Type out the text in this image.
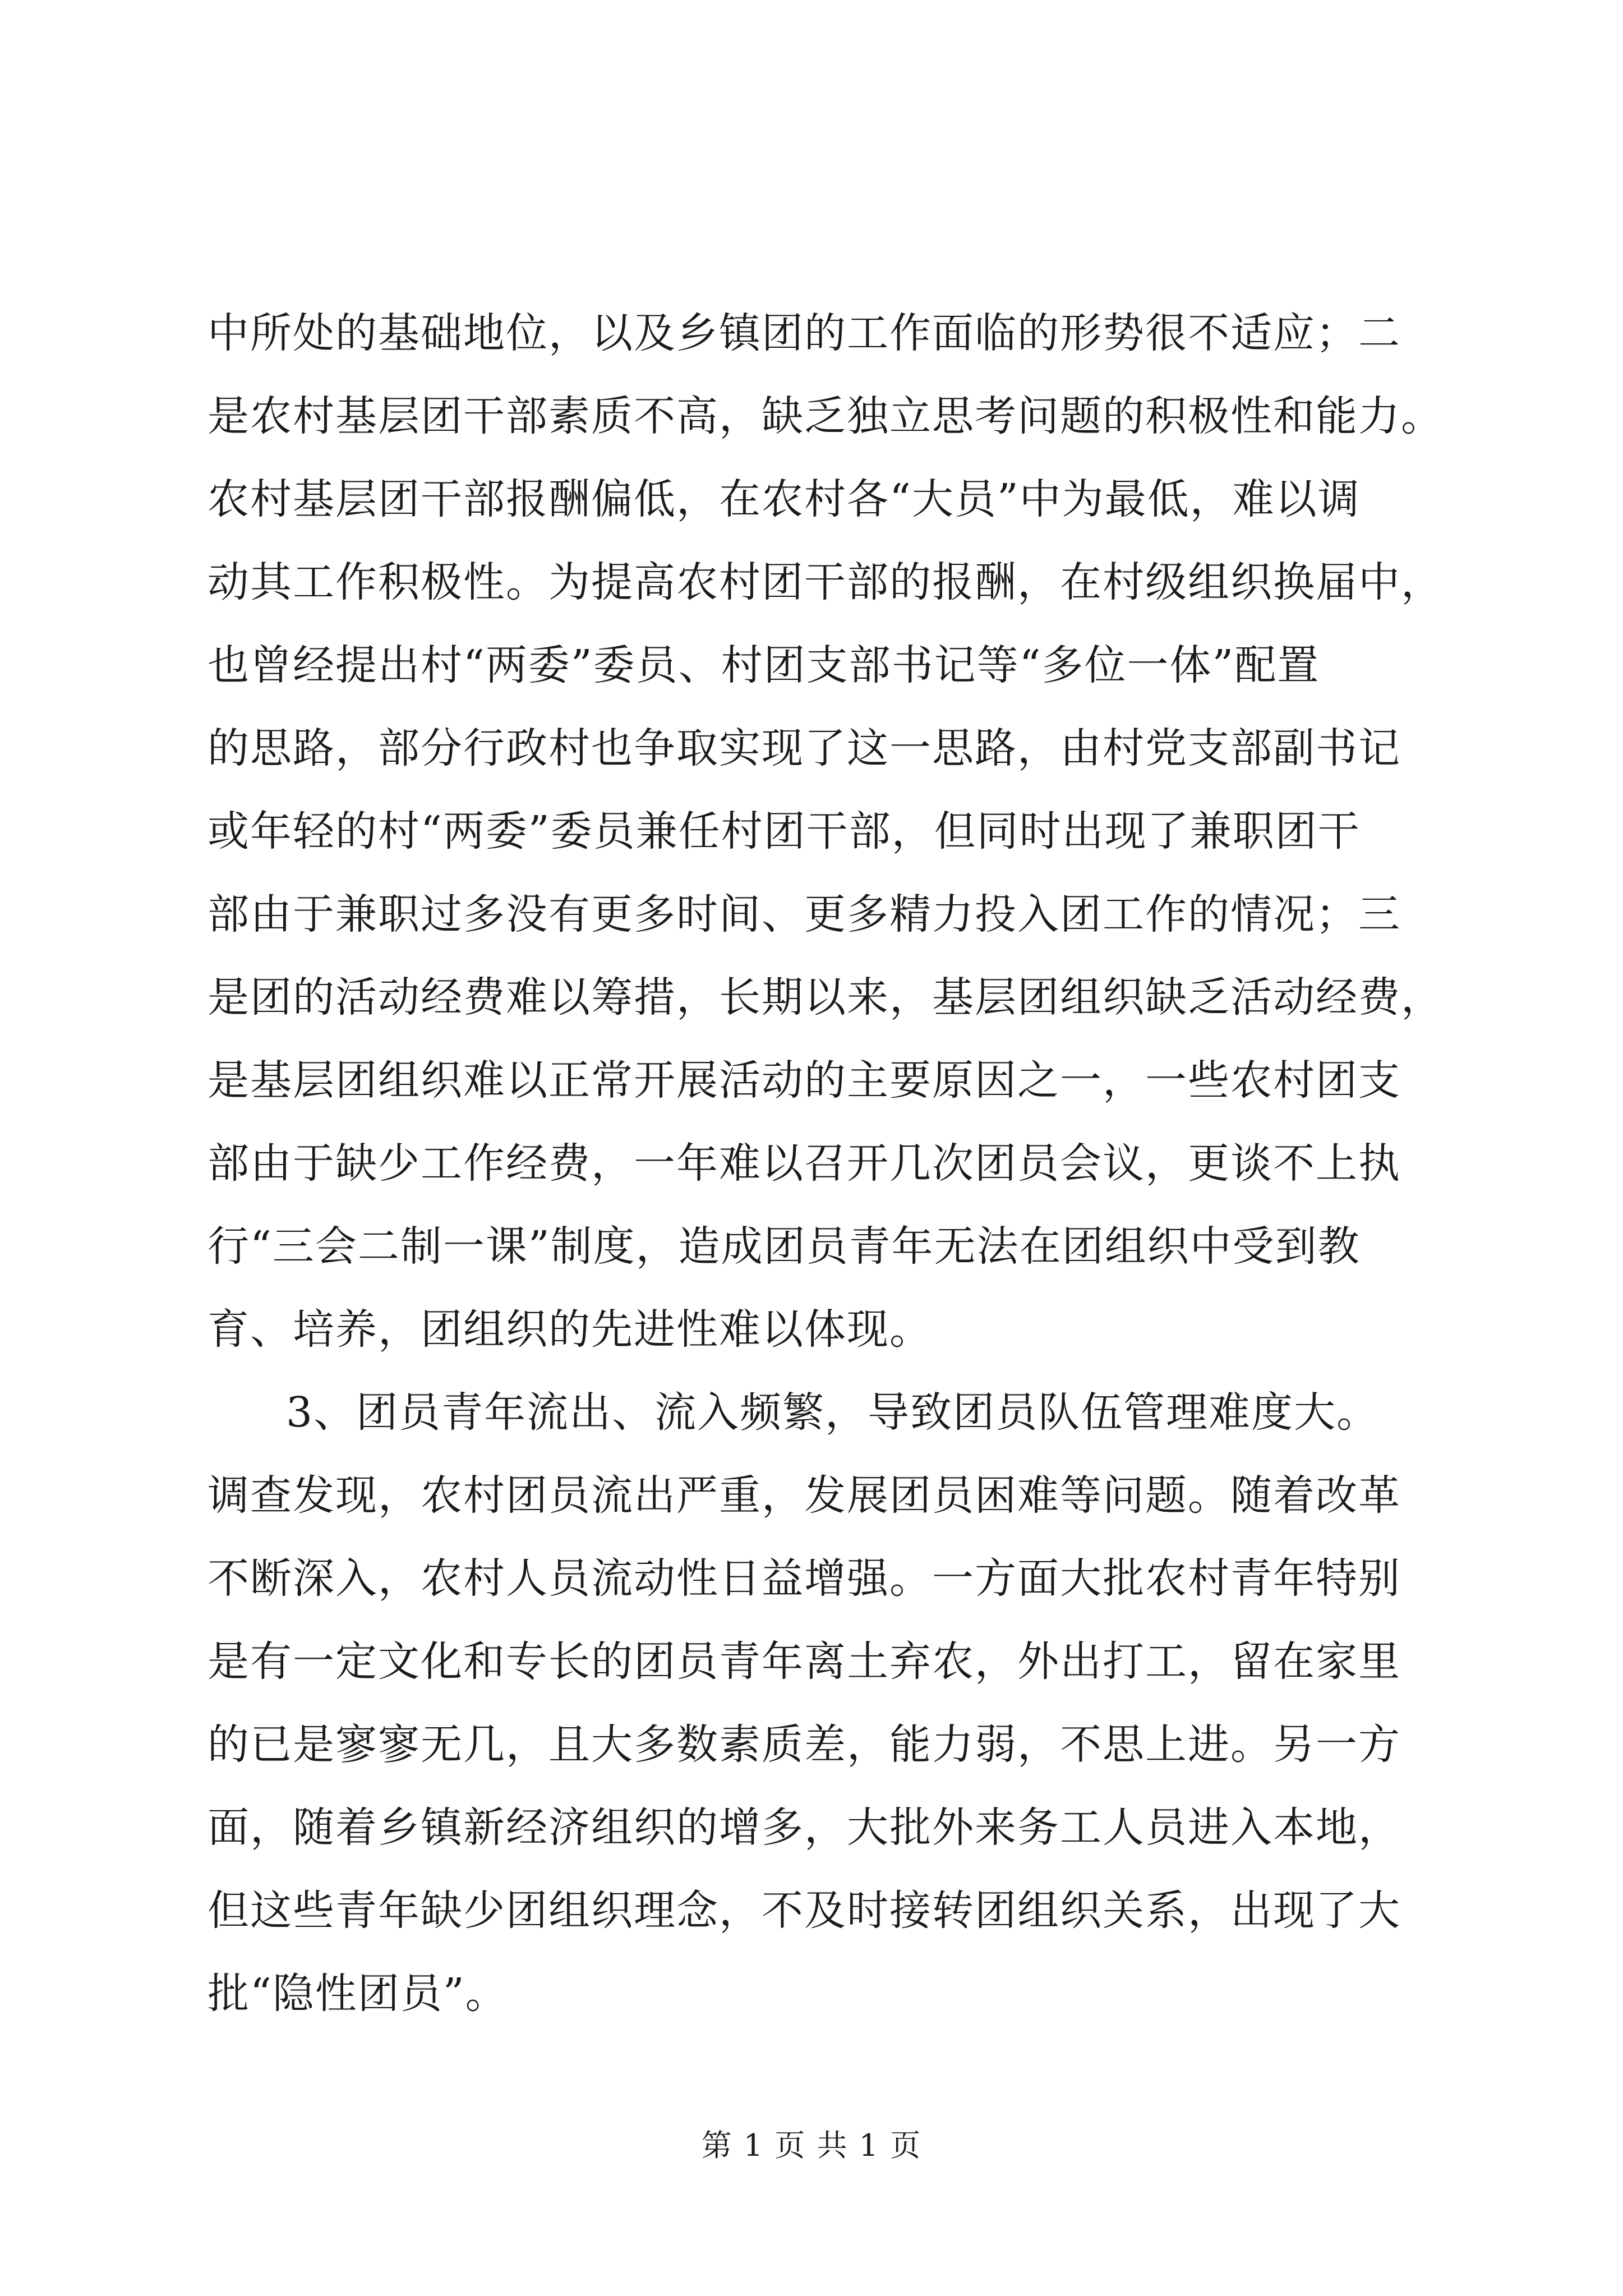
中所处的基础地位，以及乡镇团的工作面临的形势很不适应；二
是农村基层团干部素质不高，缺乏独立思考问题的积极性和能力。
农村基层团干部报酬偏低，在农村各“大员”中为最低，难以调
动其工作积极性。为提高农村团干部的报酬，在村级组织换届中，
也曾经提出村“两委”委员、村团支部书记等“多位一体”配置
的思路，部分行政村也争取实现了这一思路，由村党支部副书记
或年轻的村“两委”委员兼任村团干部，但同时出现了兼职团干
部由于兼职过多没有更多时间、更多精力投入团工作的情况；三
是团的活动经费难以筹措，长期以来，基层团组织缺乏活动经费，
是基层团组织难以正常开展活动的主要原因之一，一些农村团支
部由于缺少工作经费，一年难以召开几次团员会议，更谈不上执
行“三会二制一课”制度，造成团员青年无法在团组织中受到教
育、培养，团组织的先进性难以体现。
3、团员青年流出、流入频繁，导致团员队伍管理难度大。
调查发现，农村团员流出严重，发展团员困难等问题。随着改革
不断深入，农村人员流动性日益增强。一方面大批农村青年特别
是有一定文化和专长的团员青年离土弃农，外出打工，留在家里
的已是寥寥无几，且大多数素质差，能力弱，不思上进。另一方
面，随着乡镇新经济组织的增多，大批外来务工人员进入本地，
但这些青年缺少团组织理念，不及时接转团组织关系，出现了大
批“隐性团员”。
第 1 页 共 1 页
